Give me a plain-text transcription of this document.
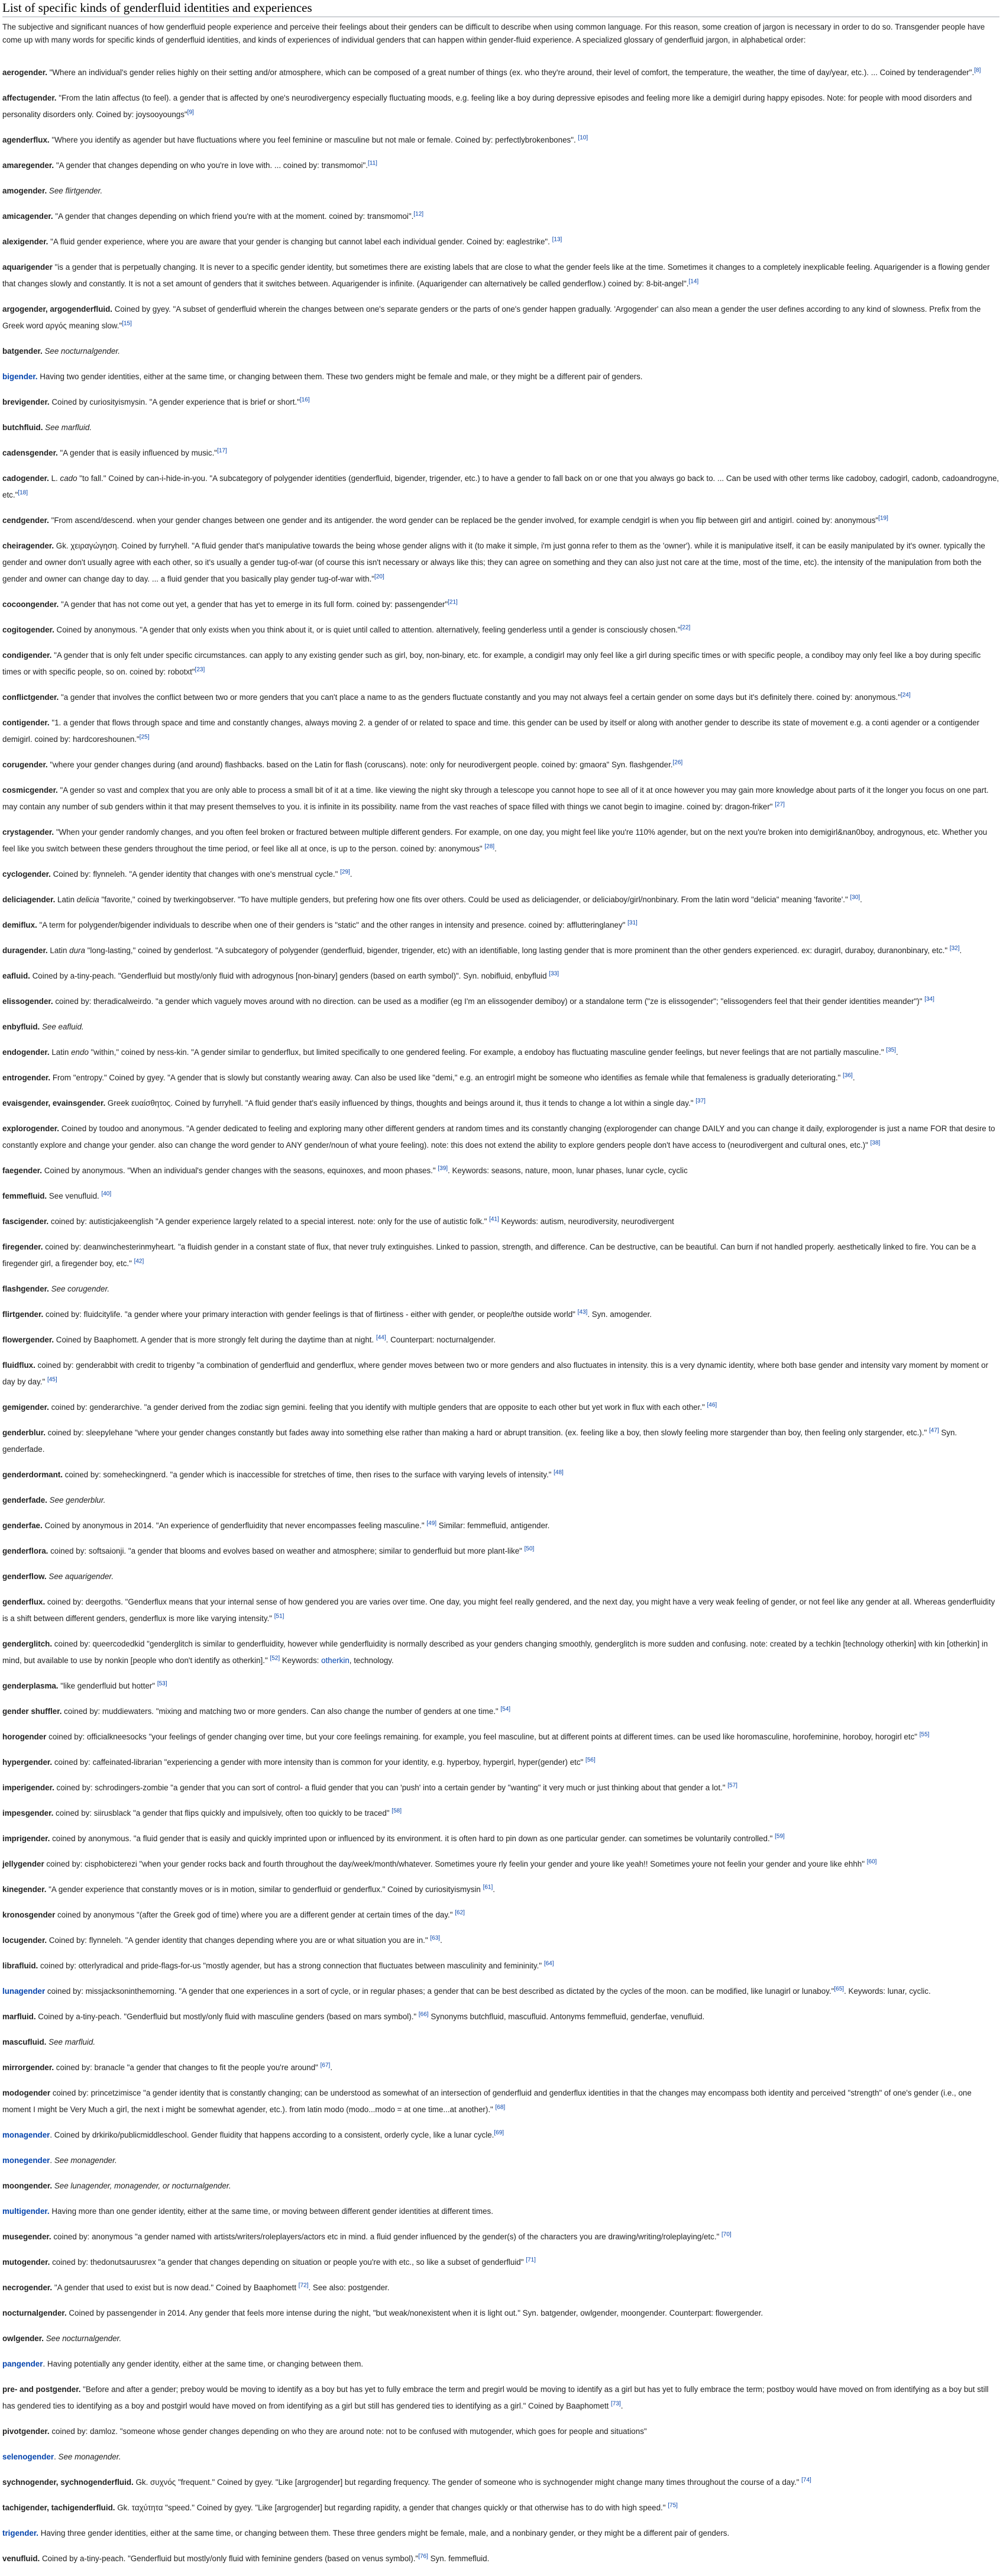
List of specific kinds of genderfluid identities and experiences

The subjective and significant nuances of how genderfluid people experience and perceive their feelings about their genders can be difficult to describe when using common language. For this reason, some creation of jargon is necessary in order to do so. Transgender people have come up with many words for specific kinds of genderfluid identities, and kinds of experiences of individual genders that can happen within gender-fluid experience. A specialized glossary of genderfluid jargon, in alphabetical order:

aerogender. "Where an individual's gender relies highly on their setting and/or atmosphere, which can be composed of a great number of things (ex. who they're around, their level of comfort, the temperature, the weather, the time of day/year, etc.). ... Coined by tenderagender".[8]

affectugender. "From the latin affectus (to feel). a gender that is affected by one's neurodivergency especially fluctuating moods, e.g. feeling like a boy during depressive episodes and feeling more like a demigirl during happy episodes. Note: for people with mood disorders and personality disorders only. Coined by: joysooyoungs"[9]

agenderflux. "Where you identify as agender but have fluctuations where you feel feminine or masculine but not male or female. Coined by: perfectlybrokenbones". [10]

amaregender. "A gender that changes depending on who you're in love with. ... coined by: transmomoi".[11]

amogender. See flirtgender.

amicagender. "A gender that changes depending on which friend you're with at the moment. coined by: transmomoi".[12]

alexigender. "A fluid gender experience, where you are aware that your gender is changing but cannot label each individual gender. Coined by: eaglestrike". [13]

aquarigender "is a gender that is perpetually changing. It is never to a specific gender identity, but sometimes there are existing labels that are close to what the gender feels like at the time. Sometimes it changes to a completely inexplicable feeling. Aquarigender is a flowing gender that changes slowly and constantly. It is not a set amount of genders that it switches between. Aquarigender is infinite. (Aquarigender can alternatively be called genderflow.) coined by: 8-bit-angel".[14]

argogender, argogenderfluid. Coined by gyey. "A subset of genderfluid wherein the changes between one's separate genders or the parts of one's gender happen gradually. 'Argogender' can also mean a gender the user defines according to any kind of slowness. Prefix from the Greek word αργός meaning slow."[15]

batgender. See nocturnalgender.

bigender. Having two gender identities, either at the same time, or changing between them. These two genders might be female and male, or they might be a different pair of genders.

brevigender. Coined by curiosityismysin. "A gender experience that is brief or short."[16]

butchfluid. See marfluid.

cadensgender. "A gender that is easily influenced by music."[17]

cadogender. L. cado "to fall." Coined by can-i-hide-in-you. "A subcategory of polygender identities (genderfluid, bigender, trigender, etc.) to have a gender to fall back on or one that you always go back to. ... Can be used with other terms like cadoboy, cadogirl, cadonb, cadoandrogyne, etc."[18]

cendgender. "From ascend/descend. when your gender changes between one gender and its antigender. the word gender can be replaced be the gender involved, for example cendgirl is when you flip between girl and antigirl. coined by: anonymous"[19]

cheiragender. Gk. χειραγώγηση. Coined by furryhell. "A fluid gender that's manipulative towards the being whose gender aligns with it (to make it simple, i'm just gonna refer to them as the 'owner'). while it is manipulative itself, it can be easily manipulated by it's owner. typically the gender and owner don't usually agree with each other, so it's usually a gender tug-of-war (of course this isn't necessary or always like this; they can agree on something and they can also just not care at the time, most of the time, etc). the intensity of the manipulation from both the gender and owner can change day to day. ... a fluid gender that you basically play gender tug-of-war with."[20]

cocoongender. "A gender that has not come out yet, a gender that has yet to emerge in its full form. coined by: passengender"[21]

cogitogender. Coined by anonymous. "A gender that only exists when you think about it, or is quiet until called to attention. alternatively, feeling genderless until a gender is consciously chosen."[22]

condigender. "A gender that is only felt under specific circumstances. can apply to any existing gender such as girl, boy, non-binary, etc. for example, a condigirl may only feel like a girl during specific times or with specific people, a condiboy may only feel like a boy during specific times or with specific people, so on. coined by: robotxt"[23]

conflictgender. "a gender that involves the conflict between two or more genders that you can't place a name to as the genders fluctuate constantly and you may not always feel a certain gender on some days but it's definitely there. coined by: anonymous."[24]

contigender. "1. a gender that flows through space and time and constantly changes, always moving 2. a gender of or related to space and time. this gender can be used by itself or along with another gender to describe its state of movement e.g. a conti agender or a contigender demigirl. coined by: hardcoreshounen."[25]

corugender. "where your gender changes during (and around) flashbacks. based on the Latin for flash (coruscans). note: only for neurodivergent people. coined by: gmaora" Syn. flashgender.[26]

cosmicgender. "A gender so vast and complex that you are only able to process a small bit of it at a time. like viewing the night sky through a telescope you cannot hope to see all of it at once however you may gain more knowledge about parts of it the longer you focus on one part. may contain any number of sub genders within it that may present themselves to you. it is infinite in its possibility. name from the vast reaches of space filled with things we canot begin to imagine. coined by: dragon-friker" [27]

crystagender. "When your gender randomly changes, and you often feel broken or fractured between multiple different genders. For example, on one day, you might feel like you're 110% agender, but on the next you're broken into demigirl&nan0boy, androgynous, etc. Whether you feel like you switch between these genders throughout the time period, or feel like all at once, is up to the person. coined by: anonymous" [28].

cyclogender. Coined by: flynneleh. "A gender identity that changes with one's menstrual cycle." [29].

deliciagender. Latin delicia "favorite," coined by twerkingobserver. "To have multiple genders, but prefering how one fits over others. Could be used as deliciagender, or deliciaboy/girl/nonbinary. From the latin word "delicia" meaning 'favorite'." [30].

demiflux. "A term for polygender/bigender individuals to describe when one of their genders is "static" and the other ranges in intensity and presence. coined by: afflutteringlaney" [31]

duragender. Latin dura "long-lasting," coined by genderlost. "A subcategory of polygender (genderfluid, bigender, trigender, etc) with an identifiable, long lasting gender that is more prominent than the other genders experienced. ex: duragirl, duraboy, duranonbinary, etc." [32].

eafluid. Coined by a-tiny-peach. "Genderfluid but mostly/only fluid with adrogynous [non-binary] genders (based on earth symbol)". Syn. nobifluid, enbyfluid [33]

elissogender. coined by: theradicalweirdo. "a gender which vaguely moves around with no direction. can be used as a modifier (eg I'm an elissogender demiboy) or a standalone term ("ze is elissogender"; "elissogenders feel that their gender identities meander")" [34]

enbyfluid. See eafluid.

endogender. Latin endo "within," coined by ness-kin. "A gender similar to genderflux, but limited specifically to one gendered feeling. For example, a endoboy has fluctuating masculine gender feelings, but never feelings that are not partially masculine." [35].

entrogender. From "entropy." Coined by gyey. "A gender that is slowly but constantly wearing away. Can also be used like "demi," e.g. an entrogirl might be someone who identifies as female while that femaleness is gradually deteriorating." [36].

evaisgender, evainsgender. Greek ευαίσθητος. Coined by furryhell. "A fluid gender that's easily influenced by things, thoughts and beings around it, thus it tends to change a lot within a single day." [37]

explorogender. Coined by toudoo and anonymous. "A gender dedicated to feeling and exploring many other different genders at random times and its constantly changing (explorogender can change DAILY and you can change it daily, explorogender is just a name FOR that desire to constantly explore and change your gender. also can change the word gender to ANY gender/noun of what youre feeling). note: this does not extend the ability to explore genders people don't have access to (neurodivergent and cultural ones, etc.)" [38]

faegender. Coined by anonymous. "When an individual's gender changes with the seasons, equinoxes, and moon phases." [39]. Keywords: seasons, nature, moon, lunar phases, lunar cycle, cyclic

femmefluid. See venufluid. [40]

fascigender. coined by: autisticjakeenglish "A gender experience largely related to a special interest. note: only for the use of autistic folk." [41] Keywords: autism, neurodiversity, neurodivergent

firegender. coined by: deanwinchesterinmyheart. "a fluidish gender in a constant state of flux, that never truly extinguishes. Linked to passion, strength, and difference. Can be destructive, can be beautiful. Can burn if not handled properly. aesthetically linked to fire. You can be a firegender girl, a firegender boy, etc." [42]

flashgender. See corugender.

flirtgender. coined by: fluidcitylife. "a gender where your primary interaction with gender feelings is that of flirtiness - either with gender, or people/the outside world" [43]. Syn. amogender.

flowergender. Coined by Baaphomett. A gender that is more strongly felt during the daytime than at night. [44]. Counterpart: nocturnalgender.

fluidflux. coined by: genderabbit with credit to trigenby "a combination of genderfluid and genderflux, where gender moves between two or more genders and also fluctuates in intensity. this is a very dynamic identity, where both base gender and intensity vary moment by moment or day by day." [45]

gemigender. coined by: genderarchive. "a gender derived from the zodiac sign gemini. feeling that you identify with multiple genders that are opposite to each other but yet work in flux with each other." [46]

genderblur. coined by: sleepylehane "where your gender changes constantly but fades away into something else rather than making a hard or abrupt transition. (ex. feeling like a boy, then slowly feeling more stargender than boy, then feeling only stargender, etc.)." [47] Syn. genderfade.

genderdormant. coined by: someheckingnerd. "a gender which is inaccessible for stretches of time, then rises to the surface with varying levels of intensity." [48]

genderfade. See genderblur.

genderfae. Coined by anonymous in 2014. "An experience of genderfluidity that never encompasses feeling masculine." [49] Similar: femmefluid, antigender.

genderflora. coined by: softsaionji. "a gender that blooms and evolves based on weather and atmosphere; similar to genderfluid but more plant-like" [50]

genderflow. See aquarigender.

genderflux. coined by: deergoths. "Genderflux means that your internal sense of how gendered you are varies over time. One day, you might feel really gendered, and the next day, you might have a very weak feeling of gender, or not feel like any gender at all. Whereas genderfluidity is a shift between different genders, genderflux is more like varying intensity." [51]

genderglitch. coined by: queercodedkid "genderglitch is similar to genderfluidity, however while genderfluidity is normally described as your genders changing smoothly, genderglitch is more sudden and confusing. note: created by a techkin [technology otherkin] with kin [otherkin] in mind, but available to use by nonkin [people who don't identify as otherkin]." [52] Keywords: otherkin, technology.

genderplasma. "like genderfluid but hotter" [53]

gender shuffler. coined by: muddiewaters. "mixing and matching two or more genders. Can also change the number of genders at one time." [54]

horogender coined by: officialkneesocks "your feelings of gender changing over time, but your core feelings remaining. for example, you feel masculine, but at different points at different times. can be used like horomasculine, horofeminine, horoboy, horogirl etc" [55]

hypergender. coined by: caffeinated-librarian "experiencing a gender with more intensity than is common for your identity, e.g. hyperboy, hypergirl, hyper(gender) etc" [56]

imperigender. coined by: schrodingers-zombie "a gender that you can sort of control- a fluid gender that you can 'push' into a certain gender by "wanting" it very much or just thinking about that gender a lot." [57]

impesgender. coined by: siirusblack "a gender that flips quickly and impulsively, often too quickly to be traced" [58]

imprigender. coined by anonymous. "a fluid gender that is easily and quickly imprinted upon or influenced by its environment. it is often hard to pin down as one particular gender. can sometimes be voluntarily controlled." [59]

jellygender coined by: cisphobicterezi "when your gender rocks back and fourth throughout the day/week/month/whatever. Sometimes youre rly feelin your gender and youre like yeah!! Sometimes youre not feelin your gender and youre like ehhh" [60]

kinegender. "A gender experience that constantly moves or is in motion, similar to genderfluid or genderflux." Coined by curiosityismysin [61].

kronosgender coined by anonymous "(after the Greek god of time) where you are a different gender at certain times of the day." [62]

locugender. Coined by: flynneleh. "A gender identity that changes depending where you are or what situation you are in." [63].

librafluid. coined by: otterlyradical and pride-flags-for-us "mostly agender, but has a strong connection that fluctuates between masculinity and femininity." [64]

lunagender coined by: missjacksoninthemorning. "A gender that one experiences in a sort of cycle, or in regular phases; a gender that can be best described as dictated by the cycles of the moon. can be modified, like lunagirl or lunaboy."[65]. Keywords: lunar, cyclic.

marfluid. Coined by a-tiny-peach. "Genderfluid but mostly/only fluid with masculine genders (based on mars symbol)." [66] Synonyms butchfluid, mascufluid. Antonyms femmefluid, genderfae, venufluid.

mascufluid. See marfluid.

mirrorgender. coined by: branacle "a gender that changes to fit the people you're around" [67].

modogender coined by: princetzimisce "a gender identity that is constantly changing; can be understood as somewhat of an intersection of genderfluid and genderflux identities in that the changes may encompass both identity and perceived "strength" of one's gender (i.e., one moment I might be Very Much a girl, the next i might be somewhat agender, etc.). from latin modo (modo...modo = at one time...at another)." [68]

monagender. Coined by drkiriko/publicmiddleschool. Gender fluidity that happens according to a consistent, orderly cycle, like a lunar cycle.[69]

monegender. See monagender.

moongender. See lunagender, monagender, or nocturnalgender.

multigender. Having more than one gender identity, either at the same time, or moving between different gender identities at different times.

musegender. coined by: anonymous "a gender named with artists/writers/roleplayers/actors etc in mind. a fluid gender influenced by the gender(s) of the characters you are drawing/writing/roleplaying/etc." [70]

mutogender. coined by: thedonutsaurusrex "a gender that changes depending on situation or people you're with etc., so like a subset of genderfluid" [71]

necrogender. "A gender that used to exist but is now dead." Coined by Baaphomett [72]. See also: postgender.

nocturnalgender. Coined by passengender in 2014. Any gender that feels more intense during the night, "but weak/nonexistent when it is light out." Syn. batgender, owlgender, moongender. Counterpart: flowergender.

owlgender. See nocturnalgender.

pangender. Having potentially any gender identity, either at the same time, or changing between them.

pre- and postgender. "Before and after a gender; preboy would be moving to identify as a boy but has yet to fully embrace the term and pregirl would be moving to identify as a girl but has yet to fully embrace the term; postboy would have moved on from identifying as a boy but still has gendered ties to identifying as a boy and postgirl would have moved on from identifying as a girl but still has gendered ties to identifying as a girl." Coined by Baaphomett [73].

pivotgender. coined by: damloz. "someone whose gender changes depending on who they are around note: not to be confused with mutogender, which goes for people and situations"

selenogender. See monagender.

sychnogender, sychnogenderfluid. Gk. συχνός "frequent." Coined by gyey. "Like [argrogender] but regarding frequency. The gender of someone who is sychnogender might change many times throughout the course of a day." [74]

tachigender, tachigenderfluid. Gk. ταχύτητα "speed." Coined by gyey. "Like [argrogender] but regarding rapidity, a gender that changes quickly or that otherwise has to do with high speed." [75]

trigender. Having three gender identities, either at the same time, or changing between them. These three genders might be female, male, and a nonbinary gender, or they might be a different pair of genders.

venufluid. Coined by a-tiny-peach. "Genderfluid but mostly/only fluid with feminine genders (based on venus symbol)."[76] Syn. femmefluid.
